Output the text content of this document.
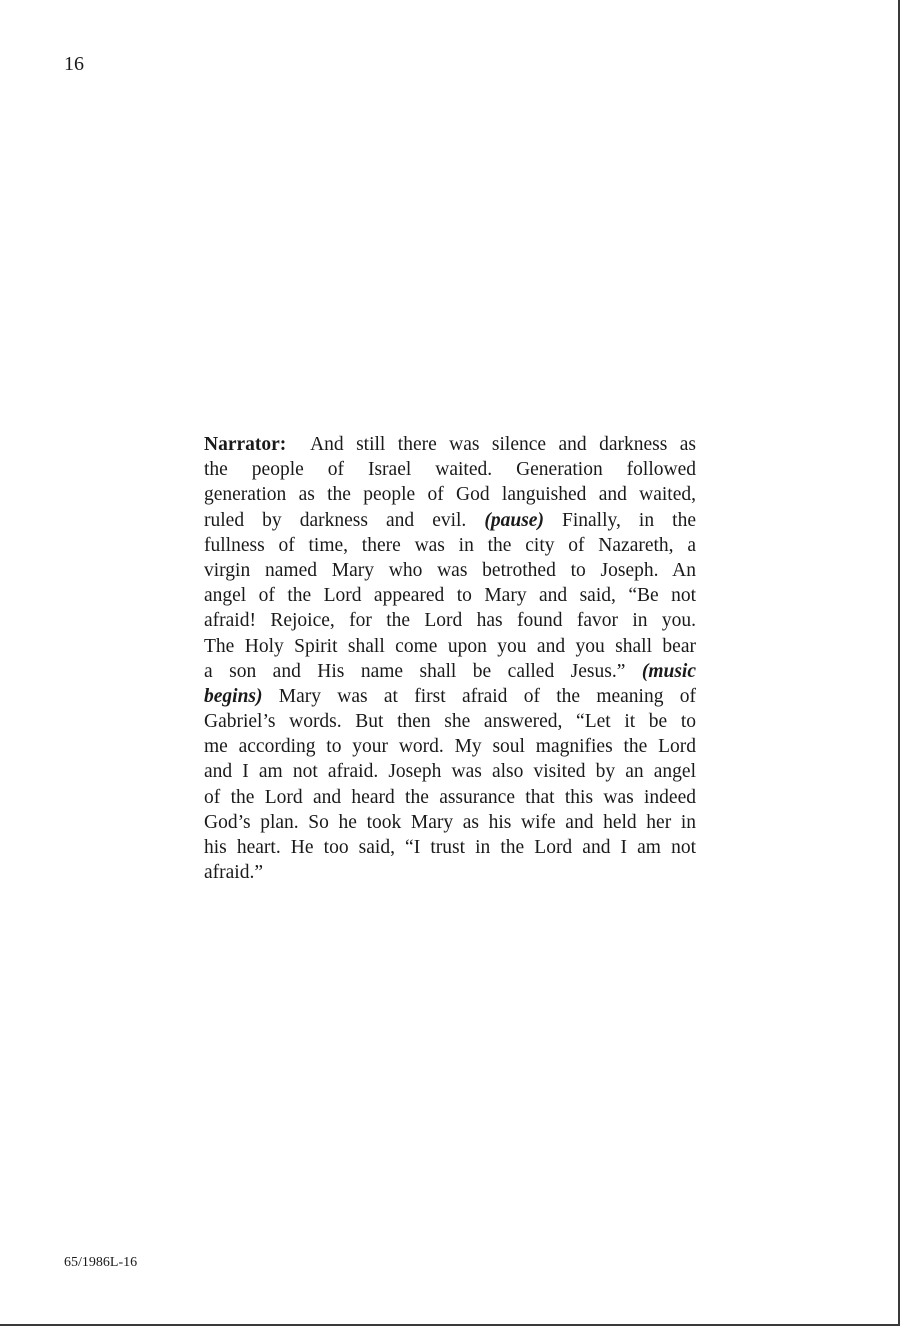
16
Narrator: And still there was silence and darkness as
the people of Israel waited. Generation followed
generation as the people of God languished and waited,
ruled by darkness and evil. (pause) Finally, in the
fullness of time, there was in the city of Nazareth, a
virgin named Mary who was betrothed to Joseph. An
angel of the Lord appeared to Mary and said, “Be not
afraid! Rejoice, for the Lord has found favor in you.
The Holy Spirit shall come upon you and you shall bear
a son and His name shall be called Jesus.” (music
begins) Mary was at first afraid of the meaning of
Gabriel’s words. But then she answered, “Let it be to
me according to your word. My soul magnifies the Lord
and I am not afraid. Joseph was also visited by an angel
of the Lord and heard the assurance that this was indeed
God’s plan. So he took Mary as his wife and held her in
his heart. He too said, “I trust in the Lord and I am not
afraid.”
65/1986L-16
